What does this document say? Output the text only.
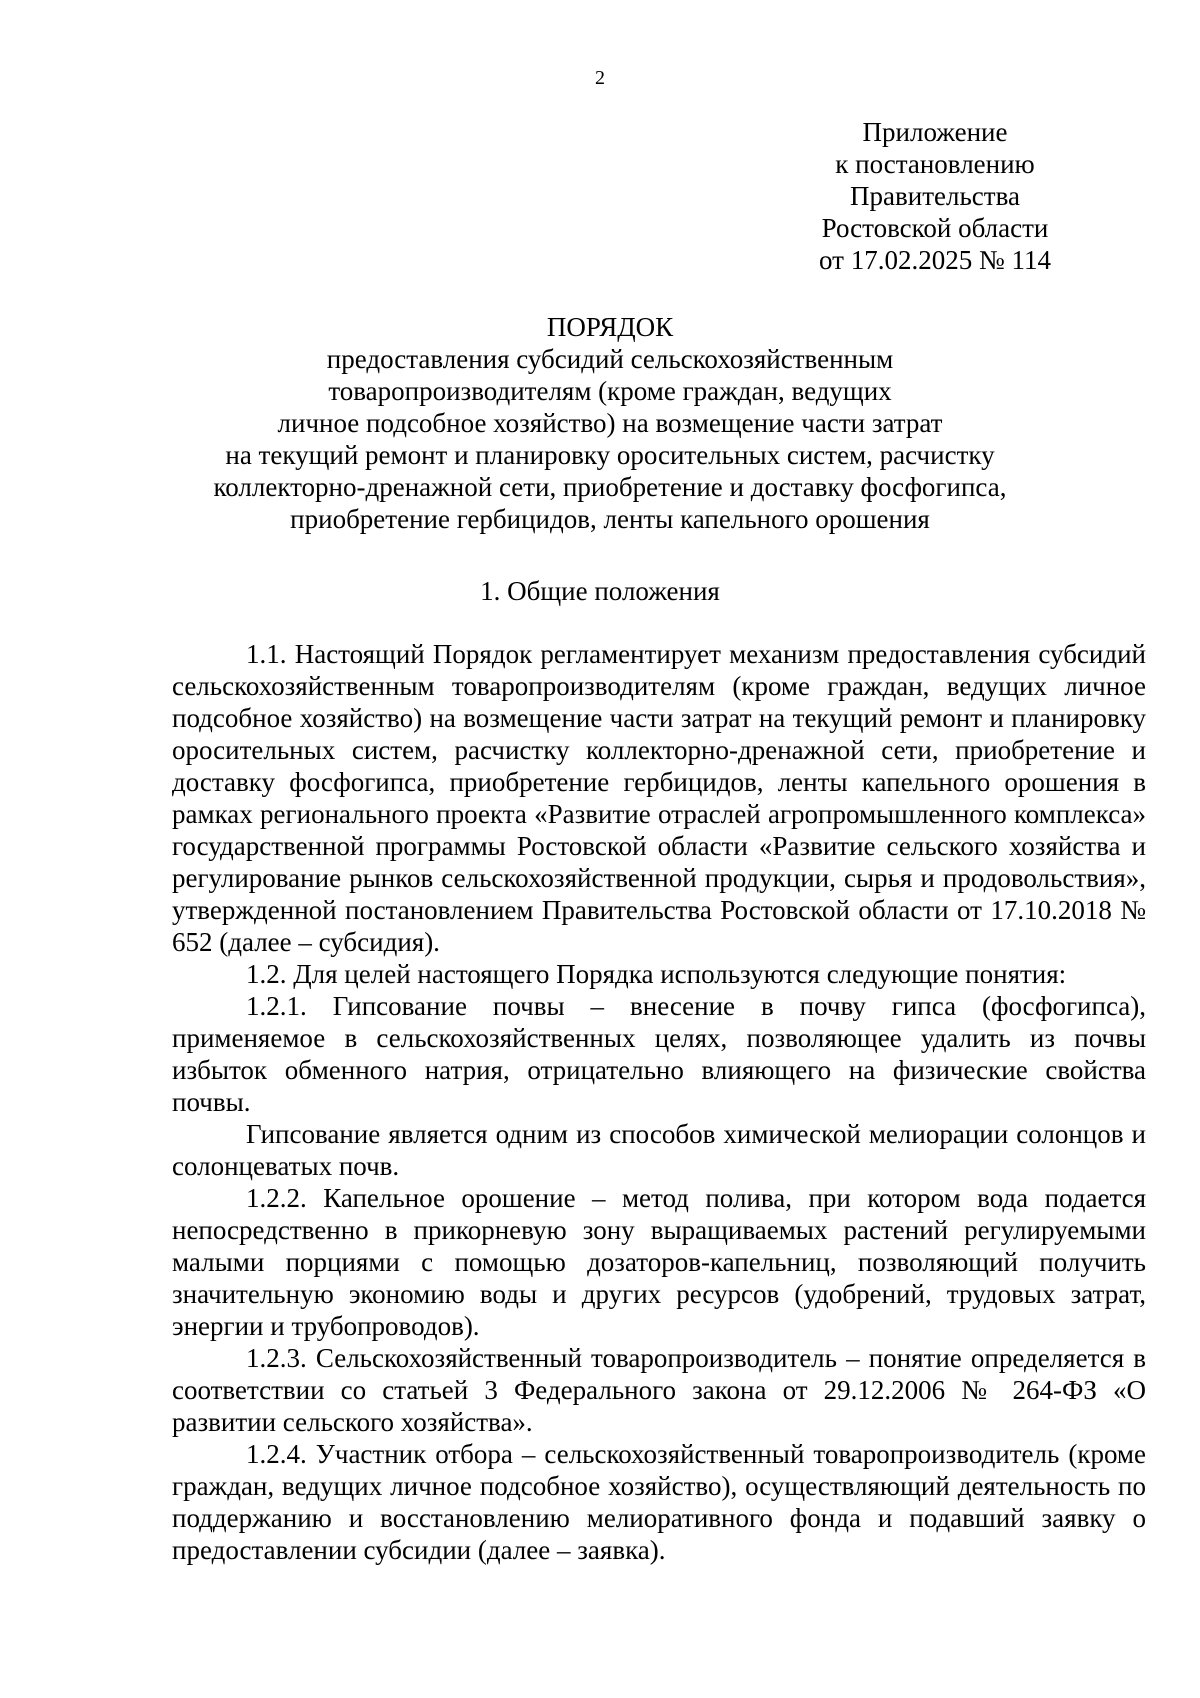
2
Приложение
к постановлению
Правительства
Ростовской области
от 17.02.2025 № 114
ПОРЯДОК
предоставления субсидий сельскохозяйственным
товаропроизводителям (кроме граждан, ведущих
личное подсобное хозяйство) на возмещение части затрат
на текущий ремонт и планировку оросительных систем, расчистку
коллекторно-дренажной сети, приобретение и доставку фосфогипса,
приобретение гербицидов, ленты капельного орошения
1. Общие положения

1.1. Настоящий Порядок регламентирует механизм предоставления субсидий сельскохозяйственным товаропроизводителям (кроме граждан, ведущих личное подсобное хозяйство) на возмещение части затрат на текущий ремонт и планировку оросительных систем, расчистку коллекторно-дренажной сети, приобретение и доставку фосфогипса, приобретение гербицидов, ленты капельного орошения в рамках регионального проекта «Развитие отраслей агропромышленного комплекса» государственной программы Ростовской области «Развитие сельского хозяйства и регулирование рынков сельскохозяйственной продукции, сырья и продовольствия», утвержденной постановлением Правительства Ростовской области от 17.10.2018 № 652 (далее – субсидия).

1.2. Для целей настоящего Порядка используются следующие понятия:

1.2.1. Гипсование почвы – внесение в почву гипса (фосфогипса), применяемое в сельскохозяйственных целях, позволяющее удалить из почвы избыток обменного натрия, отрицательно влияющего на физические свойства почвы.

Гипсование является одним из способов химической мелиорации солонцов и солонцеватых почв.

1.2.2. Капельное орошение – метод полива, при котором вода подается непосредственно в прикорневую зону выращиваемых растений регулируемыми малыми порциями с помощью дозаторов-капельниц, позволяющий получить значительную экономию воды и других ресурсов (удобрений, трудовых затрат, энергии и трубопроводов).

1.2.3. Сельскохозяйственный товаропроизводитель – понятие определяется в соответствии со статьей 3 Федерального закона от 29.12.2006 № 264-ФЗ «О развитии сельского хозяйства».

1.2.4. Участник отбора – сельскохозяйственный товаропроизводитель (кроме граждан, ведущих личное подсобное хозяйство), осуществляющий деятельность по поддержанию и восстановлению мелиоративного фонда и подавший заявку о предоставлении субсидии (далее – заявка).
